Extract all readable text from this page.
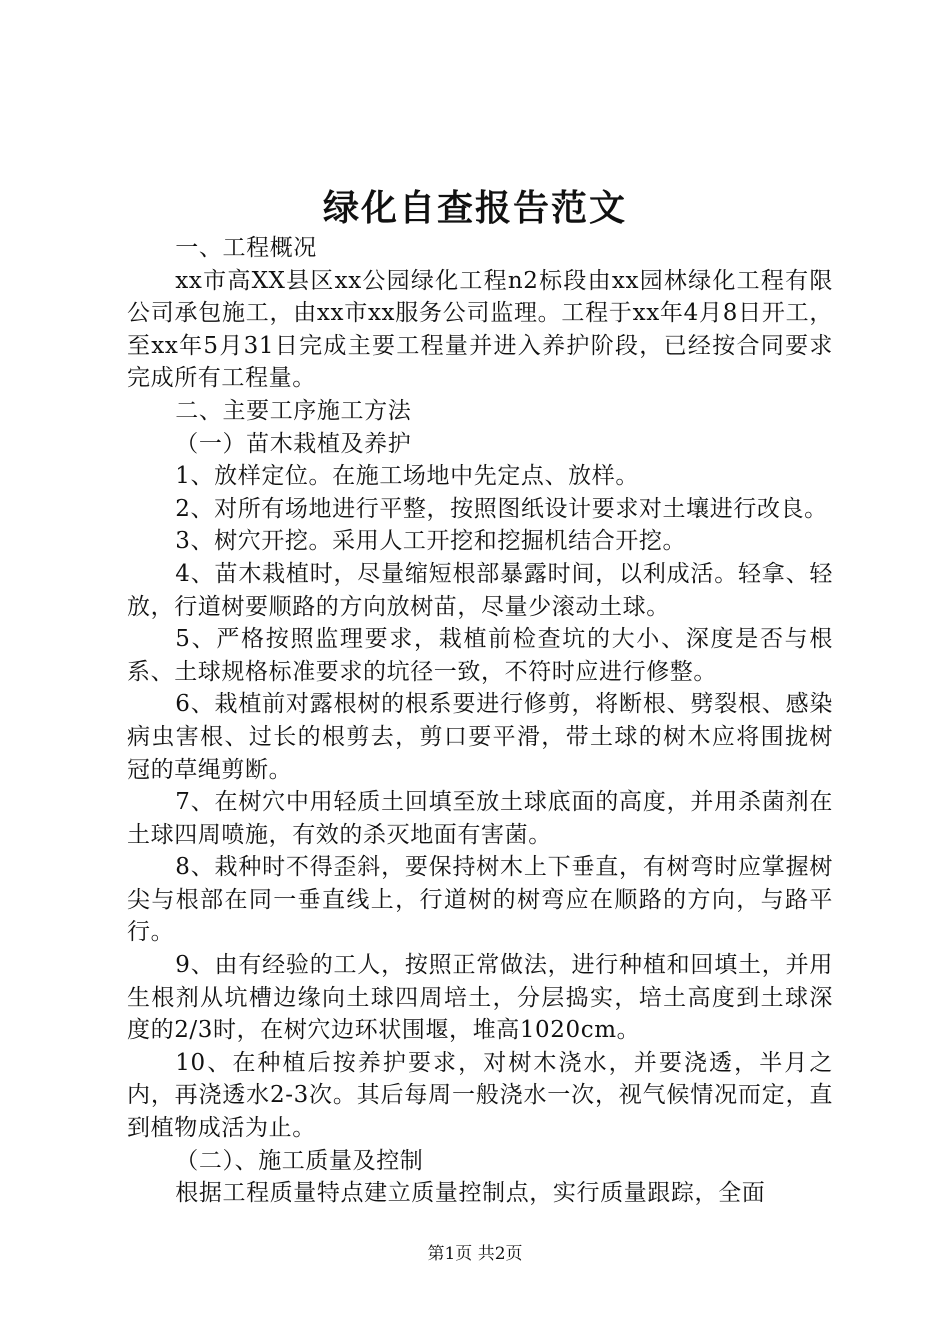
绿化自查报告范文

一、工程概况

xx市高XX县区xx公园绿化工程n2标段由xx园林绿化工程有限公司承包施工，由xx市xx服务公司监理。工程于xx年4月8日开工，至xx年5月31日完成主要工程量并进入养护阶段，已经按合同要求完成所有工程量。

二、主要工序施工方法

（一）苗木栽植及养护

1、放样定位。在施工场地中先定点、放样。

2、对所有场地进行平整，按照图纸设计要求对土壤进行改良。

3、树穴开挖。采用人工开挖和挖掘机结合开挖。

4、苗木栽植时，尽量缩短根部暴露时间，以利成活。轻拿、轻放，行道树要顺路的方向放树苗，尽量少滚动土球。

5、严格按照监理要求，栽植前检查坑的大小、深度是否与根系、土球规格标准要求的坑径一致，不符时应进行修整。

6、栽植前对露根树的根系要进行修剪，将断根、劈裂根、感染病虫害根、过长的根剪去，剪口要平滑，带土球的树木应将围拢树冠的草绳剪断。

7、在树穴中用轻质土回填至放土球底面的高度，并用杀菌剂在土球四周喷施，有效的杀灭地面有害菌。

8、栽种时不得歪斜，要保持树木上下垂直，有树弯时应掌握树尖与根部在同一垂直线上，行道树的树弯应在顺路的方向，与路平行。

9、由有经验的工人，按照正常做法，进行种植和回填土，并用生根剂从坑槽边缘向土球四周培土，分层捣实，培土高度到土球深度的2/3时，在树穴边环状围堰，堆高1020cm。

10、在种植后按养护要求，对树木浇水，并要浇透，半月之内，再浇透水2-3次。其后每周一般浇水一次，视气候情况而定，直到植物成活为止。

（二）、施工质量及控制

根据工程质量特点建立质量控制点，实行质量跟踪，全面

第1页 共2页
